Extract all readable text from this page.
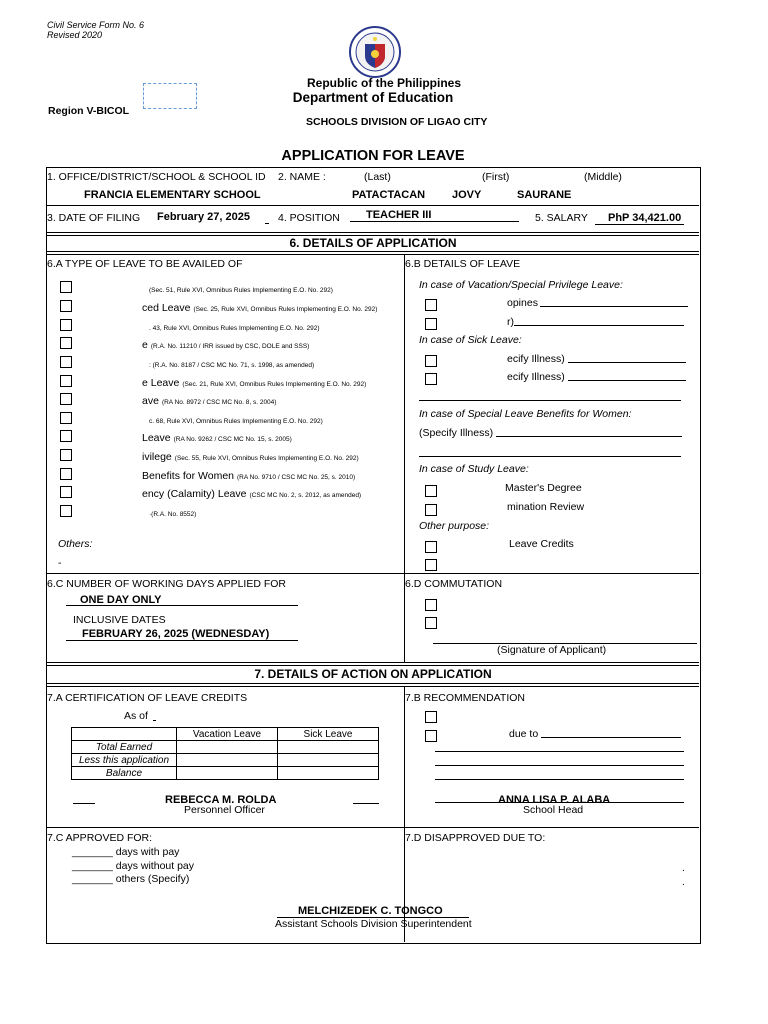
Civil Service Form No. 6
Revised 2020
Republic of the Philippines
Department of Education
Region V-BICOL
SCHOOLS DIVISION OF LIGAO CITY
APPLICATION FOR LEAVE
1. OFFICE/DISTRICT/SCHOOL & SCHOOL ID 2. NAME :	(Last)	(First)	(Middle)
FRANCIA ELEMENTARY SCHOOL	PATACTACAN JOVY	SAURANE
3. DATE OF FILING February 27, 2025	4. POSITION TEACHER III	5. SALARY PhP 34,421.00
6. DETAILS OF APPLICATION
6.A TYPE OF LEAVE TO BE AVAILED OF	6.B DETAILS OF LEAVE
(Sec. 51, Rule XVI, Omnibus Rules Implementing E.O. No. 292)
ced Leave (Sec. 25, Rule XVI, Omnibus Rules Implementing E.O. No. 292)
. 43, Rule XVI, Omnibus Rules Implementing E.O. No. 292)
e (R.A. No. 11210 / IRR issued by CSC, DOLE and SSS)
: (R.A. No. 8187 / CSC MC No. 71, s. 1998, as amended)
e Leave (Sec. 21, Rule XVI, Omnibus Rules Implementing E.O. No. 292)
ave (RA No. 8972 / CSC MC No. 8, s. 2004)
c. 68, Rule XVI, Omnibus Rules Implementing E.O. No. 292)
Leave (RA No. 9262 / CSC MC No. 15, s. 2005)
ivilege (Sec. 55, Rule XVI, Omnibus Rules Implementing E.O. No. 292)
Benefits for Women (RA No. 9710 / CSC MC No. 25, s. 2010)
ency (Calamity) Leave (CSC MC No. 2, s. 2012, as amended)
·(R.A. No. 8552)
Others:
-
In case of Vacation/Special Privilege Leave:
opines
r)
In case of Sick Leave:
ecify Illness)
ecify Illness)
In case of Special Leave Benefits for Women:
(Specify Illness)
In case of Study Leave:
Master's Degree
mination Review
Other purpose:
Leave Credits
6.C NUMBER OF WORKING DAYS APPLIED FOR
ONE DAY ONLY
INCLUSIVE DATES
FEBRUARY 26, 2025 (WEDNESDAY)
6.D COMMUTATION
(Signature of Applicant)
7. DETAILS OF ACTION ON APPLICATION
7.A CERTIFICATION OF LEAVE CREDITS
As of
	Vacation Leave	Sick Leave
Total Earned		
Less this application		
Balance		
REBECCA M. ROLDA
Personnel Officer
7.B RECOMMENDATION
due to
ANNA LISA P. ALABA
School Head
7.C APPROVED FOR:
_______ days with pay
_______ days without pay
_______ others (Specify)
7.D DISAPPROVED DUE TO:
.
.
MELCHIZEDEK C. TONGCO
Assistant Schools Division Superintendent
